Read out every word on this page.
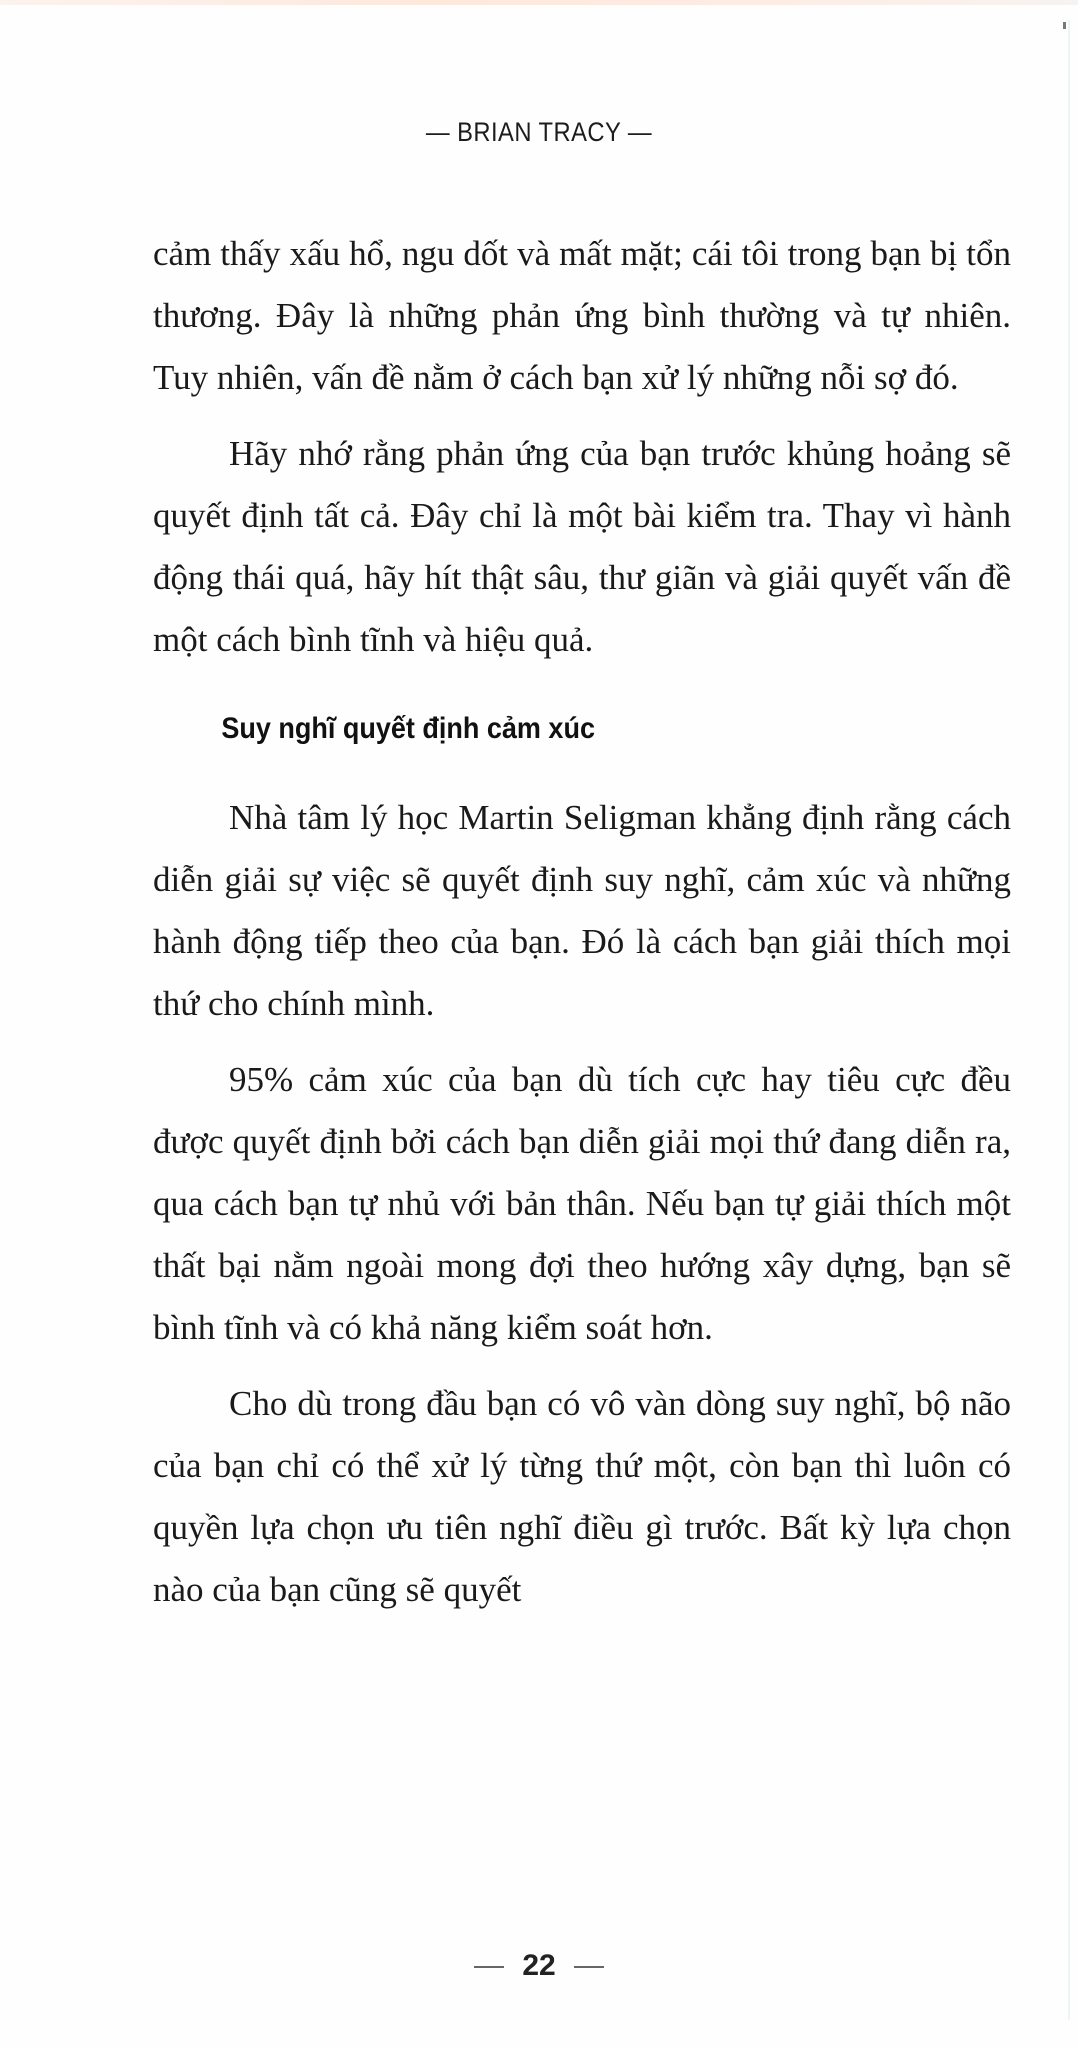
— BRIAN TRACY —

cảm thấy xấu hổ, ngu dốt và mất mặt; cái tôi trong bạn bị tổn thương. Đây là những phản ứng bình thường và tự nhiên. Tuy nhiên, vấn đề nằm ở cách bạn xử lý những nỗi sợ đó.

Hãy nhớ rằng phản ứng của bạn trước khủng hoảng sẽ quyết định tất cả. Đây chỉ là một bài kiểm tra. Thay vì hành động thái quá, hãy hít thật sâu, thư giãn và giải quyết vấn đề một cách bình tĩnh và hiệu quả.

Suy nghĩ quyết định cảm xúc

Nhà tâm lý học Martin Seligman khẳng định rằng cách diễn giải sự việc sẽ quyết định suy nghĩ, cảm xúc và những hành động tiếp theo của bạn. Đó là cách bạn giải thích mọi thứ cho chính mình.

95% cảm xúc của bạn dù tích cực hay tiêu cực đều được quyết định bởi cách bạn diễn giải mọi thứ đang diễn ra, qua cách bạn tự nhủ với bản thân. Nếu bạn tự giải thích một thất bại nằm ngoài mong đợi theo hướng xây dựng, bạn sẽ bình tĩnh và có khả năng kiểm soát hơn.

Cho dù trong đầu bạn có vô vàn dòng suy nghĩ, bộ não của bạn chỉ có thể xử lý từng thứ một, còn bạn thì luôn có quyền lựa chọn ưu tiên nghĩ điều gì trước. Bất kỳ lựa chọn nào của bạn cũng sẽ quyết

22
